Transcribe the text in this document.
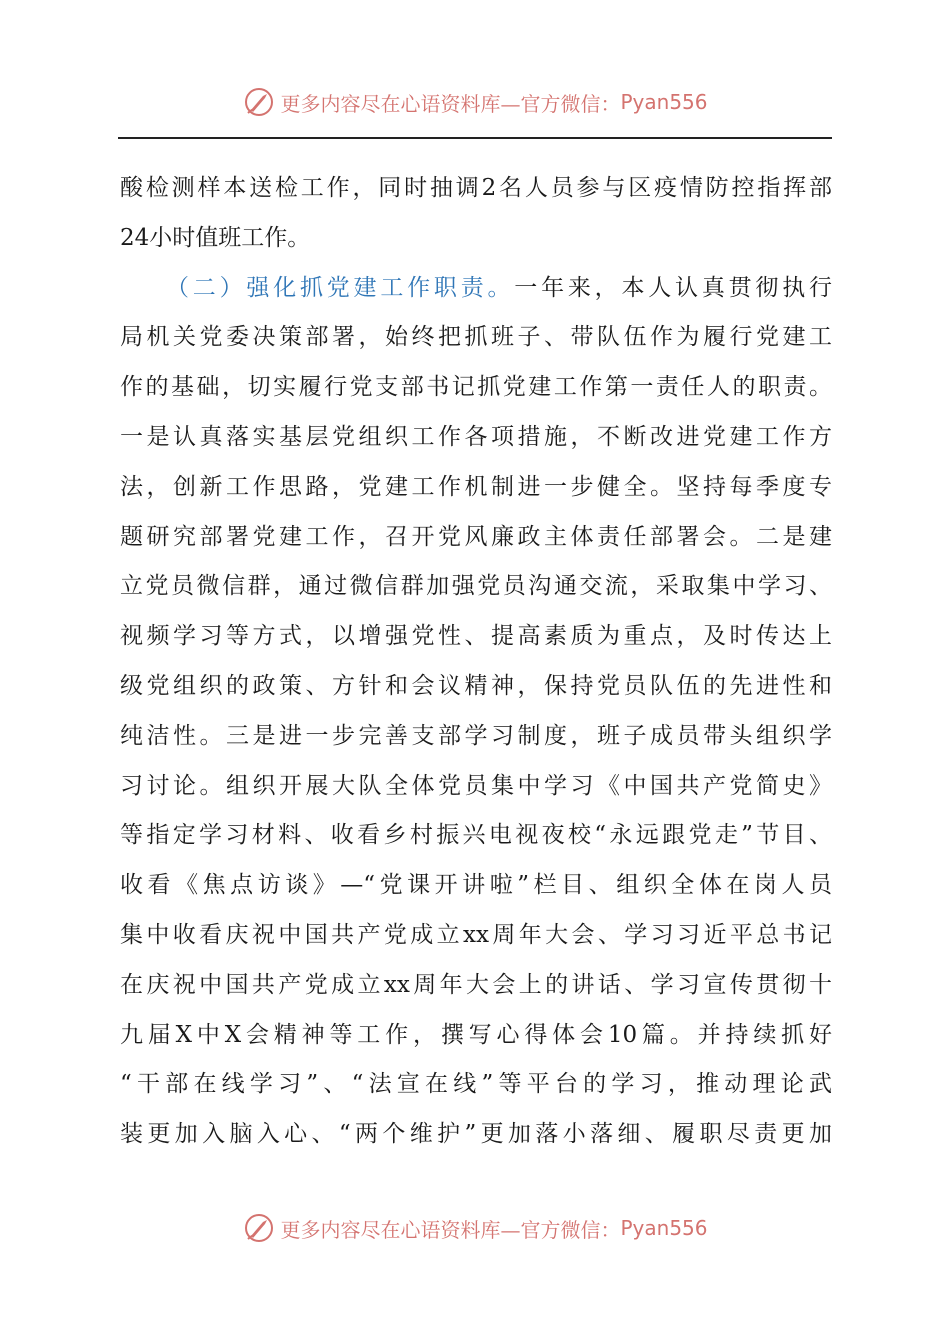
更多内容尽在心语资料库—官方微信： Pyan556
酸检测样本送检工作，同时抽调2名人员参与区疫情防控指挥部
24小时值班工作。
（二）强化抓党建工作职责。一年来，本人认真贯彻执行
局机关党委决策部署，始终把抓班子、带队伍作为履行党建工
作的基础，切实履行党支部书记抓党建工作第一责任人的职责。
一是认真落实基层党组织工作各项措施，不断改进党建工作方
法，创新工作思路，党建工作机制进一步健全。坚持每季度专
题研究部署党建工作，召开党风廉政主体责任部署会。二是建
立党员微信群，通过微信群加强党员沟通交流，采取集中学习、
视频学习等方式，以增强党性、提高素质为重点，及时传达上
级党组织的政策、方针和会议精神，保持党员队伍的先进性和
纯洁性。三是进一步完善支部学习制度，班子成员带头组织学
习讨论。组织开展大队全体党员集中学习《中国共产党简史》
等指定学习材料、收看乡村振兴电视夜校“永远跟党走”节目、
收看《焦点访谈》—“党课开讲啦”栏目、组织全体在岗人员
集中收看庆祝中国共产党成立xx周年大会、学习习近平总书记
在庆祝中国共产党成立xx周年大会上的讲话、学习宣传贯彻十
九届X中X会精神等工作，撰写心得体会10篇。并持续抓好
“干部在线学习”、“法宣在线”等平台的学习，推动理论武
装更加入脑入心、“两个维护”更加落小落细、履职尽责更加
更多内容尽在心语资料库—官方微信： Pyan556
